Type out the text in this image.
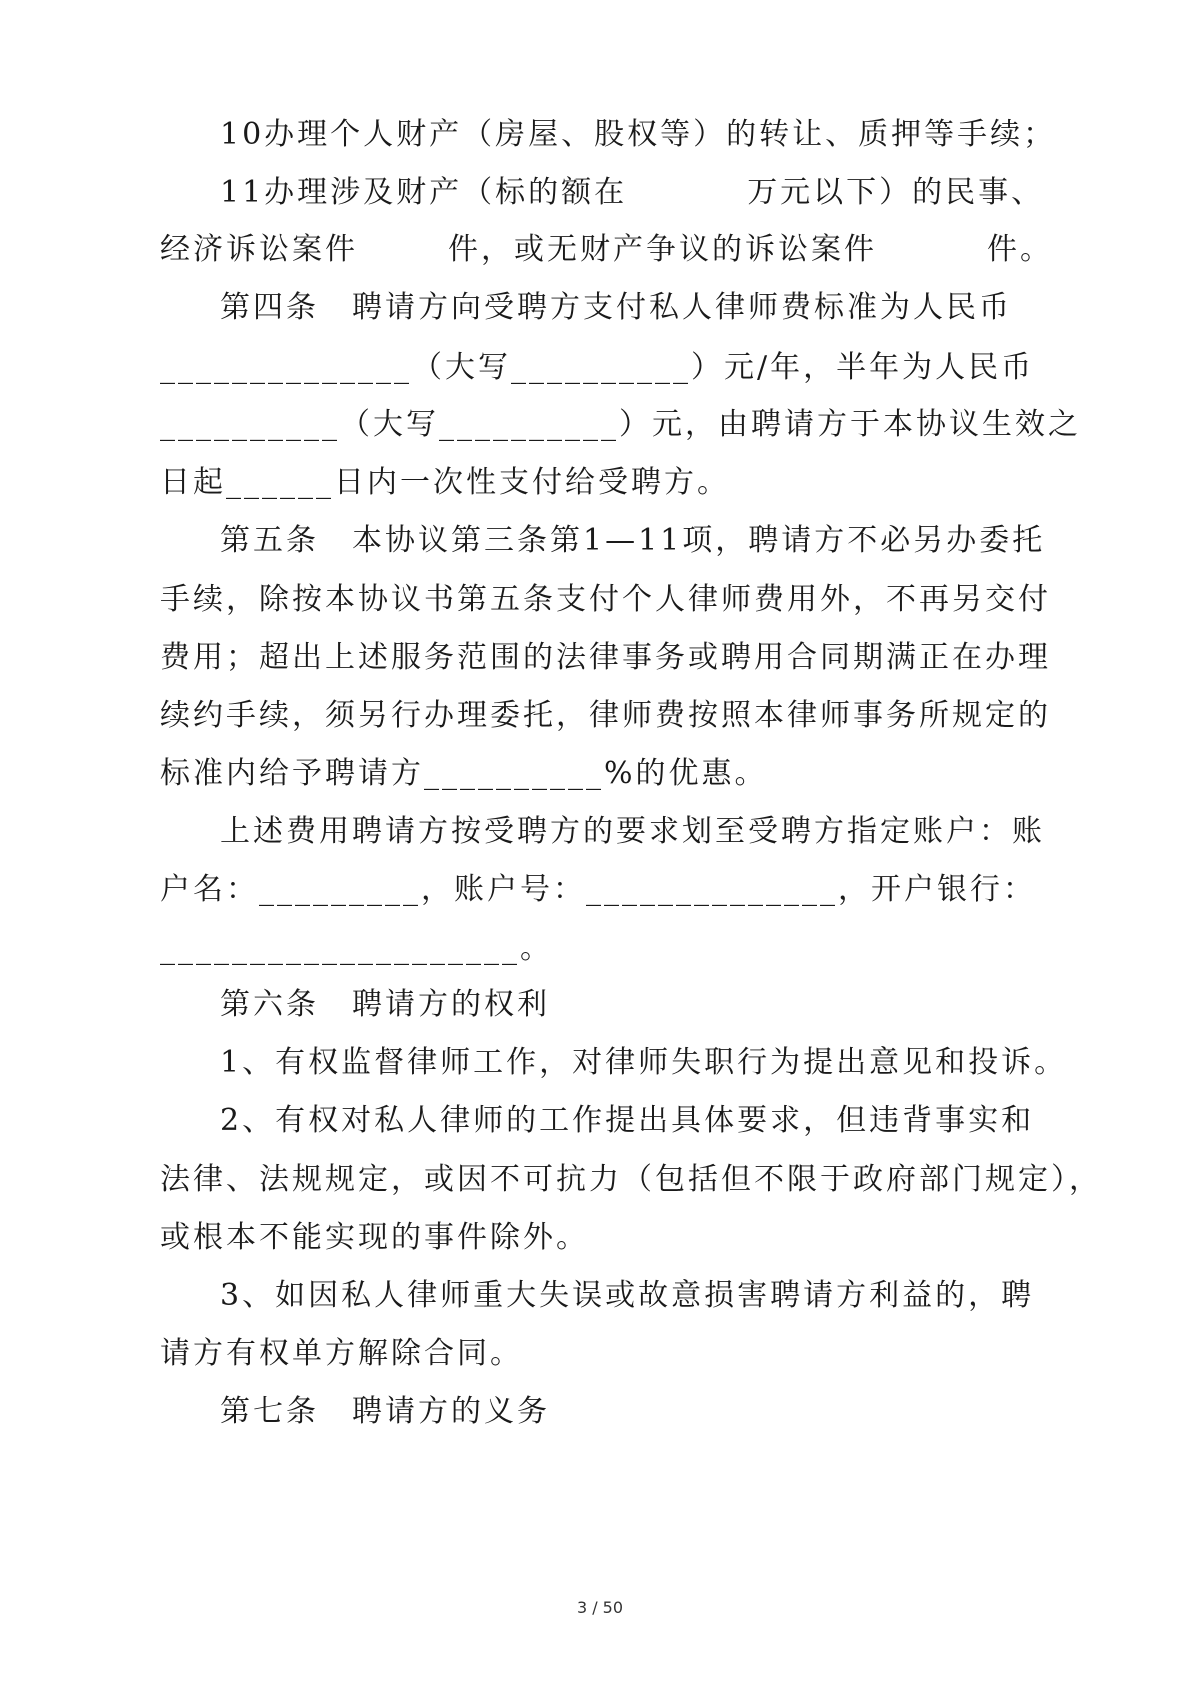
10办理个人财产（房屋、股权等）的转让、质押等手续；
11办理涉及财产（标的额在	万元以下）的民事、
经济诉讼案件	件，或无财产争议的诉讼案件	件。
第四条　聘请方向受聘方支付私人律师费标准为人民币
______________（大写__________）元/年，半年为人民币
__________（大写__________）元，由聘请方于本协议生效之
日起______日内一次性支付给受聘方。
第五条　本协议第三条第1—11项，聘请方不必另办委托
手续，除按本协议书第五条支付个人律师费用外，不再另交付
费用；超出上述服务范围的法律事务或聘用合同期满正在办理
续约手续，须另行办理委托，律师费按照本律师事务所规定的
标准内给予聘请方__________%的优惠。
上述费用聘请方按受聘方的要求划至受聘方指定账户：账
户名：_________，账户号：______________，开户银行：
____________________。
第六条　聘请方的权利
1、有权监督律师工作，对律师失职行为提出意见和投诉。
2、有权对私人律师的工作提出具体要求，但违背事实和
法律、法规规定，或因不可抗力（包括但不限于政府部门规定），
或根本不能实现的事件除外。
3、如因私人律师重大失误或故意损害聘请方利益的，聘
请方有权单方解除合同。
第七条　聘请方的义务
3 / 50
